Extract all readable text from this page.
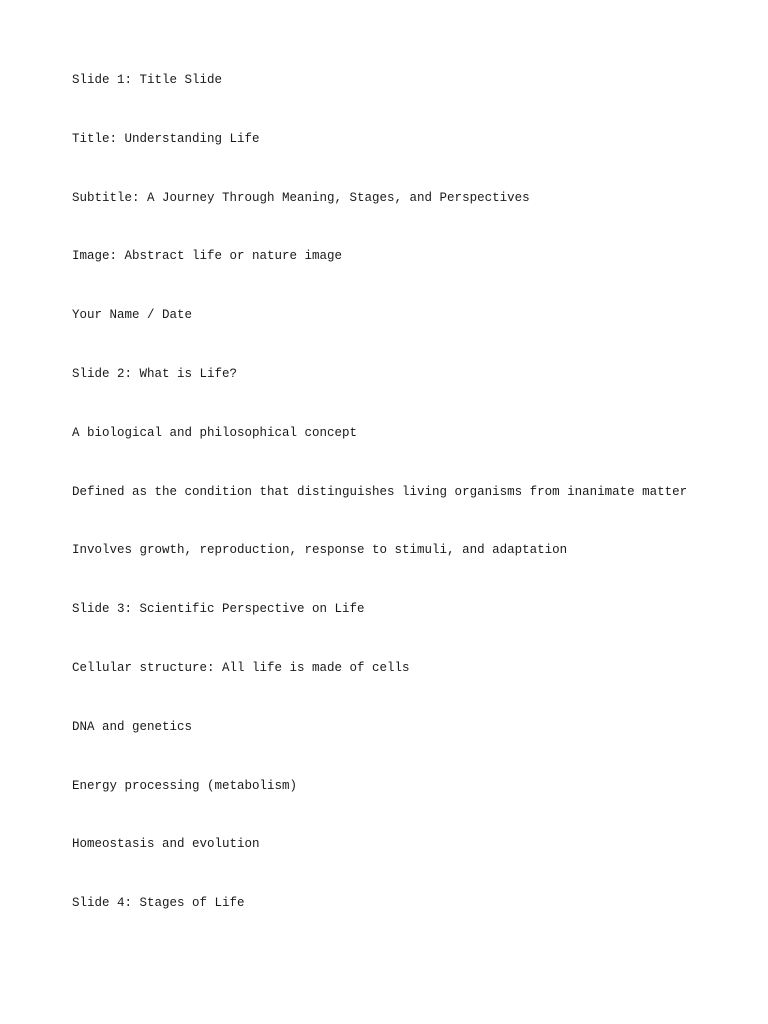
Slide 1: Title Slide
Title: Understanding Life
Subtitle: A Journey Through Meaning, Stages, and Perspectives
Image: Abstract life or nature image
Your Name / Date
Slide 2: What is Life?
A biological and philosophical concept
Defined as the condition that distinguishes living organisms from inanimate matter
Involves growth, reproduction, response to stimuli, and adaptation
Slide 3: Scientific Perspective on Life
Cellular structure: All life is made of cells
DNA and genetics
Energy processing (metabolism)
Homeostasis and evolution
Slide 4: Stages of Life
